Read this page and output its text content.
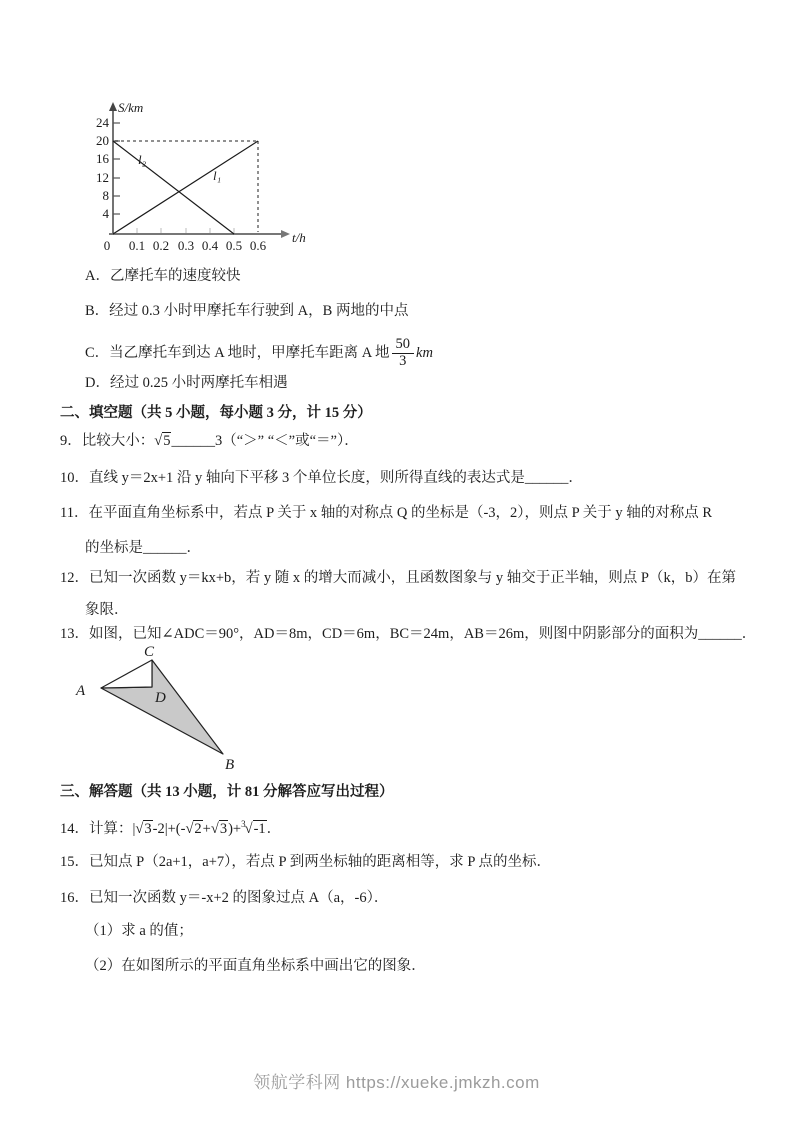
24
20
16
12
8
4
0 0.1 0.2 0.3 0.4 0.5 0.6
S/km
t/h
l₂
l₁
A．乙摩托车的速度较快
B．经过 0.3 小时甲摩托车行驶到 A，B 两地的中点
C．当乙摩托车到达 A 地时，甲摩托车距离 A 地 $\frac{50}{3}$ km
D．经过 0.25 小时两摩托车相遇
二、填空题（共 5 小题，每小题 3 分，计 15 分）
9．比较大小：√5______3（“＞” “＜”或“＝”）．
10．直线 y＝2x+1 沿 y 轴向下平移 3 个单位长度，则所得直线的表达式是______．
11．在平面直角坐标系中，若点 P 关于 x 轴的对称点 Q 的坐标是（-3，2），则点 P 关于 y 轴的对称点 R
的坐标是______．
12．已知一次函数 y＝kx+b，若 y 随 x 的增大而减小，且函数图象与 y 轴交于正半轴，则点 P（k，b）在第
象限．
13．如图，已知∠ADC＝90°，AD＝8m，CD＝6m，BC＝24m，AB＝26m，则图中阴影部分的面积为______．
C
A	D
B
三、解答题（共 13 小题，计 81 分解答应写出过程）
14．计算：|√3-2|+(-√2+√3)+$^3$√-1．
15．已知点 P（2a+1，a+7），若点 P 到两坐标轴的距离相等，求 P 点的坐标．
16．已知一次函数 y＝-x+2 的图象过点 A（a，-6）．
（1）求 a 的值；
（2）在如图所示的平面直角坐标系中画出它的图象．
领航学科网 https://xueke.jmkzh.com
